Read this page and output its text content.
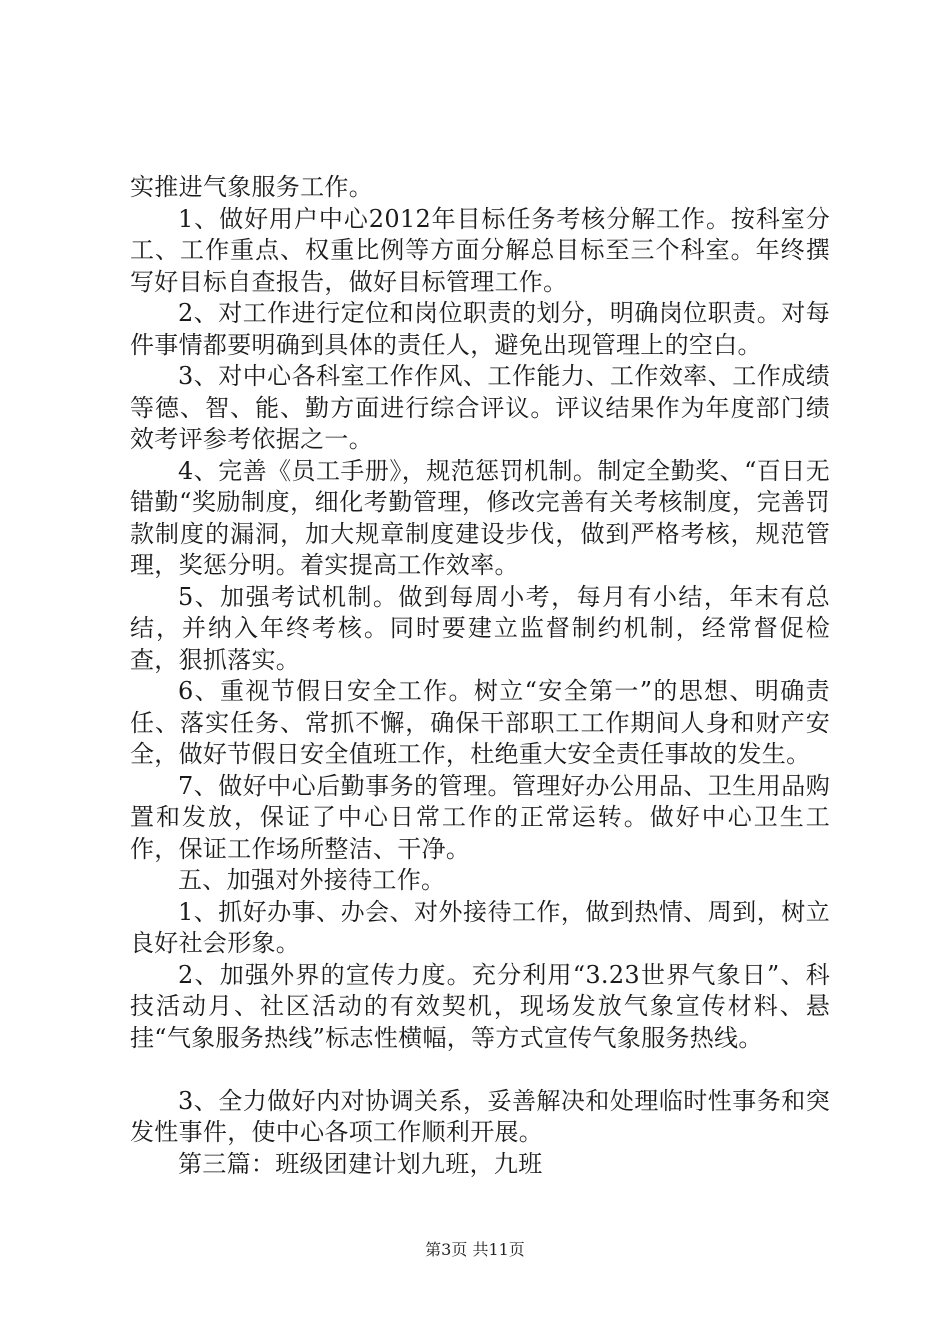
实推进气象服务工作。

1、做好用户中心2012年目标任务考核分解工作。按科室分工、工作重点、权重比例等方面分解总目标至三个科室。年终撰写好目标自查报告，做好目标管理工作。

2、对工作进行定位和岗位职责的划分，明确岗位职责。对每件事情都要明确到具体的责任人，避免出现管理上的空白。

3、对中心各科室工作作风、工作能力、工作效率、工作成绩等德、智、能、勤方面进行综合评议。评议结果作为年度部门绩效考评参考依据之一。

4、完善《员工手册》，规范惩罚机制。制定全勤奖、“百日无错勤“奖励制度，细化考勤管理，修改完善有关考核制度，完善罚款制度的漏洞，加大规章制度建设步伐，做到严格考核，规范管理，奖惩分明。着实提高工作效率。

5、加强考试机制。做到每周小考，每月有小结，年末有总结，并纳入年终考核。同时要建立监督制约机制，经常督促检查，狠抓落实。

6、重视节假日安全工作。树立“安全第一”的思想、明确责任、落实任务、常抓不懈，确保干部职工工作期间人身和财产安全，做好节假日安全值班工作，杜绝重大安全责任事故的发生。

7、做好中心后勤事务的管理。管理好办公用品、卫生用品购置和发放，保证了中心日常工作的正常运转。做好中心卫生工作，保证工作场所整洁、干净。

五、加强对外接待工作。

1、抓好办事、办会、对外接待工作，做到热情、周到，树立良好社会形象。

2、加强外界的宣传力度。充分利用“3.23世界气象日”、科技活动月、社区活动的有效契机，现场发放气象宣传材料、悬挂“气象服务热线”标志性横幅，等方式宣传气象服务热线。

3、全力做好内对协调关系，妥善解决和处理临时性事务和突发性事件，使中心各项工作顺利开展。

第三篇：班级团建计划九班，九班

第3页 共11页
